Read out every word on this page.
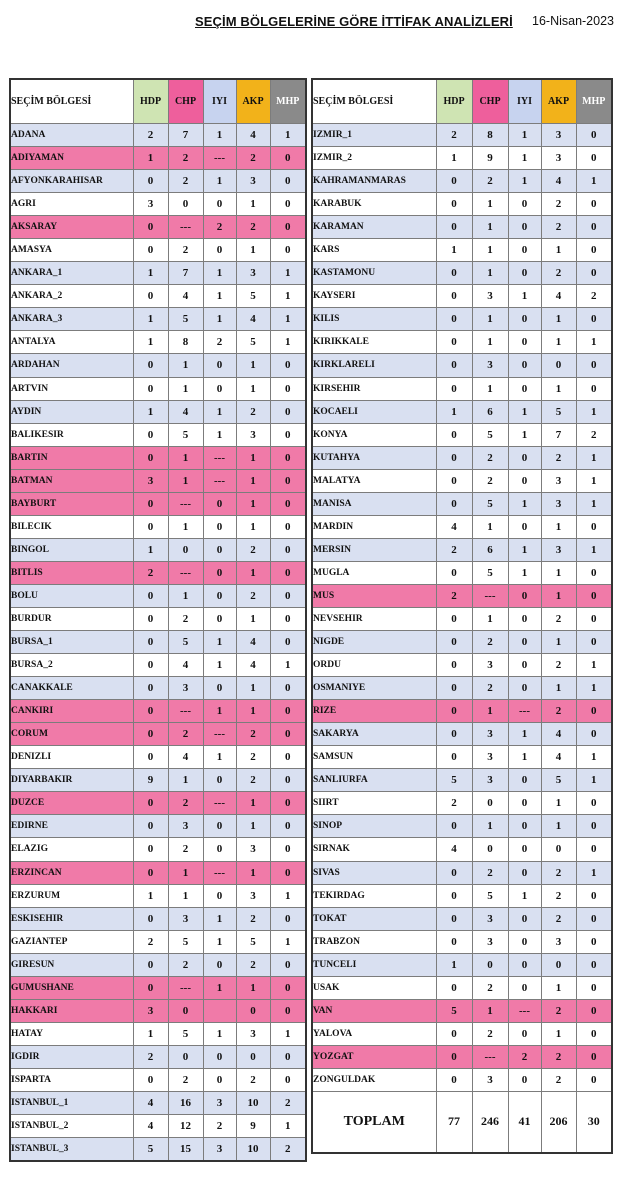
SEÇİM BÖLGELERİNE GÖRE İTTİFAK ANALİZLERİ 16-Nisan-2023
SEÇİM BÖLGESİ	HDP	CHP	IYI	AKP	MHP
ADANA	2	7	1	4	1
ADIYAMAN	1	2	---	2	0
AFYONKARAHISAR	0	2	1	3	0
AGRI	3	0	0	1	0
AKSARAY	0	---	2	2	0
AMASYA	0	2	0	1	0
ANKARA_1	1	7	1	3	1
ANKARA_2	0	4	1	5	1
ANKARA_3	1	5	1	4	1
ANTALYA	1	8	2	5	1
ARDAHAN	0	1	0	1	0
ARTVIN	0	1	0	1	0
AYDIN	1	4	1	2	0
BALIKESIR	0	5	1	3	0
BARTIN	0	1	---	1	0
BATMAN	3	1	---	1	0
BAYBURT	0	---	0	1	0
BILECIK	0	1	0	1	0
BINGOL	1	0	0	2	0
BITLIS	2	---	0	1	0
BOLU	0	1	0	2	0
BURDUR	0	2	0	1	0
BURSA_1	0	5	1	4	0
BURSA_2	0	4	1	4	1
CANAKKALE	0	3	0	1	0
CANKIRI	0	---	1	1	0
CORUM	0	2	---	2	0
DENIZLI	0	4	1	2	0
DIYARBAKIR	9	1	0	2	0
DUZCE	0	2	---	1	0
EDIRNE	0	3	0	1	0
ELAZIG	0	2	0	3	0
ERZINCAN	0	1	---	1	0
ERZURUM	1	1	0	3	1
ESKISEHIR	0	3	1	2	0
GAZIANTEP	2	5	1	5	1
GIRESUN	0	2	0	2	0
GUMUSHANE	0	---	1	1	0
HAKKARI	3	0		0	0
HATAY	1	5	1	3	1
IGDIR	2	0	0	0	0
ISPARTA	0	2	0	2	0
ISTANBUL_1	4	16	3	10	2
ISTANBUL_2	4	12	2	9	1
ISTANBUL_3	5	15	3	10	2
SEÇİM BÖLGESİ	HDP	CHP	IYI	AKP	MHP
IZMIR_1	2	8	1	3	0
IZMIR_2	1	9	1	3	0
KAHRAMANMARAS	0	2	1	4	1
KARABUK	0	1	0	2	0
KARAMAN	0	1	0	2	0
KARS	1	1	0	1	0
KASTAMONU	0	1	0	2	0
KAYSERI	0	3	1	4	2
KILIS	0	1	0	1	0
KIRIKKALE	0	1	0	1	1
KIRKLARELI	0	3	0	0	0
KIRSEHIR	0	1	0	1	0
KOCAELI	1	6	1	5	1
KONYA	0	5	1	7	2
KUTAHYA	0	2	0	2	1
MALATYA	0	2	0	3	1
MANISA	0	5	1	3	1
MARDIN	4	1	0	1	0
MERSIN	2	6	1	3	1
MUGLA	0	5	1	1	0
MUS	2	---	0	1	0
NEVSEHIR	0	1	0	2	0
NIGDE	0	2	0	1	0
ORDU	0	3	0	2	1
OSMANIYE	0	2	0	1	1
RIZE	0	1	---	2	0
SAKARYA	0	3	1	4	0
SAMSUN	0	3	1	4	1
SANLIURFA	5	3	0	5	1
SIIRT	2	0	0	1	0
SINOP	0	1	0	1	0
SIRNAK	4	0	0	0	0
SIVAS	0	2	0	2	1
TEKIRDAG	0	5	1	2	0
TOKAT	0	3	0	2	0
TRABZON	0	3	0	3	0
TUNCELI	1	0	0	0	0
USAK	0	2	0	1	0
VAN	5	1	---	2	0
YALOVA	0	2	0	1	0
YOZGAT	0	---	2	2	0
ZONGULDAK	0	3	0	2	0
TOPLAM	77	246	41	206	30
